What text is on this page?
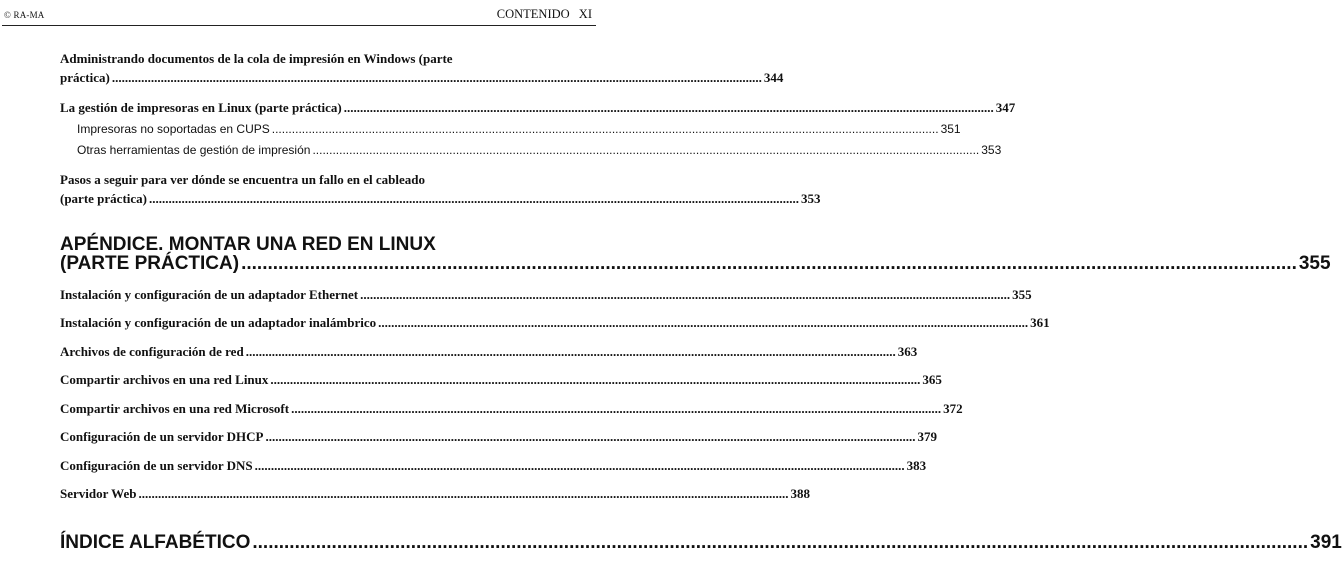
© RA-MA	CONTENIDO XI
Administrando documentos de la cola de impresión en Windows (parte
práctica) ........................................................................................................................................................................................................ 344
La gestión de impresoras en Linux (parte práctica) ........................................................................................................................................................................................................ 347
Impresoras no soportadas en CUPS ........................................................................................................................................................................................................ 351
Otras herramientas de gestión de impresión ........................................................................................................................................................................................................ 353
Pasos a seguir para ver dónde se encuentra un fallo en el cableado
(parte práctica) ........................................................................................................................................................................................................ 353
APÉNDICE. MONTAR UNA RED EN LINUX
(PARTE PRÁCTICA) ........................................................................................................................................................................................................ 355
Instalación y configuración de un adaptador Ethernet ........................................................................................................................................................................................................ 355
Instalación y configuración de un adaptador inalámbrico ........................................................................................................................................................................................................ 361
Archivos de configuración de red ........................................................................................................................................................................................................ 363
Compartir archivos en una red Linux ........................................................................................................................................................................................................ 365
Compartir archivos en una red Microsoft ........................................................................................................................................................................................................ 372
Configuración de un servidor DHCP ........................................................................................................................................................................................................ 379
Configuración de un servidor DNS ........................................................................................................................................................................................................ 383
Servidor Web ........................................................................................................................................................................................................ 388
ÍNDICE ALFABÉTICO ........................................................................................................................................................................................................ 391
